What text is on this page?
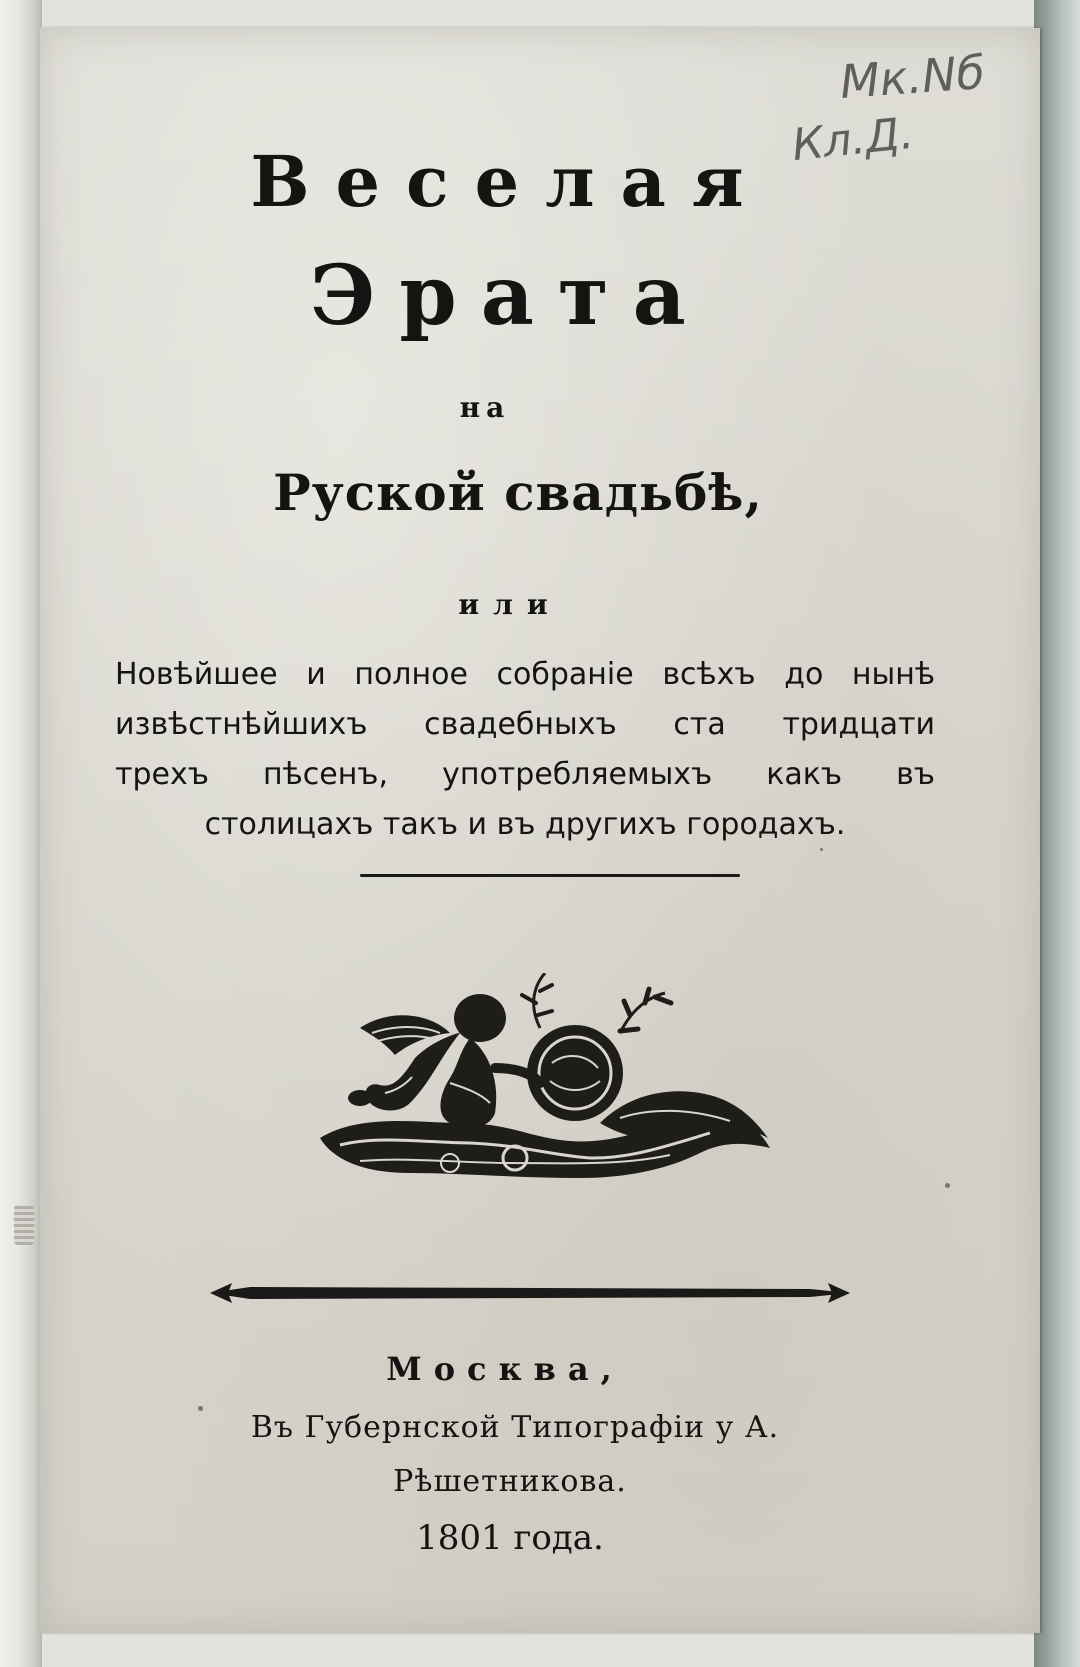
Мк.Nб
Кл.Д.
Веселая
Эрата
на
Руской свадьбѣ,
или
Новѣйшее и полное собраніе всѣхъ до нынѣ
извѣстнѣйшихъ свадебныхъ ста тридцати
трехъ пѣсенъ, употребляемыхъ какъ въ
столицахъ такъ и въ другихъ городахъ.
Москва,
Въ Губернской Типографіи у А.
Рѣшетникова.
1801 года.
